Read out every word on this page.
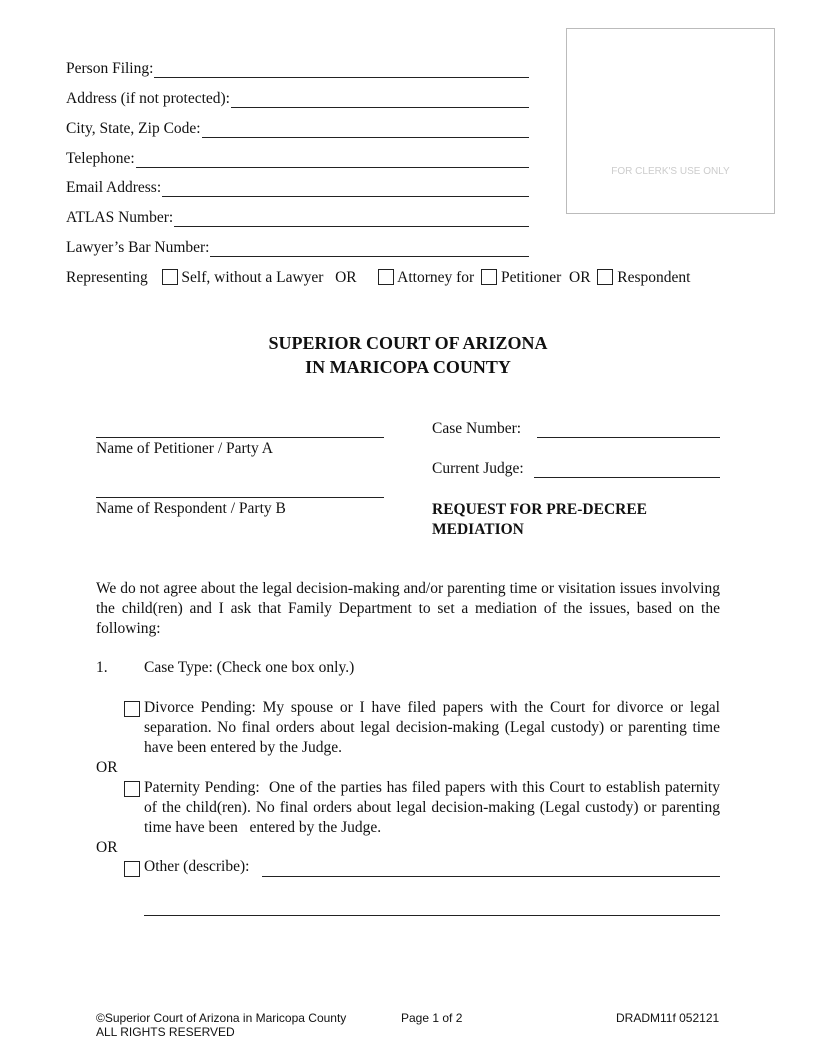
Person Filing:
Address (if not protected):
City, State, Zip Code:
Telephone:
Email Address:
ATLAS Number:
Lawyer’s Bar Number:
Representing Self, without a Lawyer OR	Attorney for Petitioner OR Respondent
FOR CLERK'S USE ONLY
SUPERIOR COURT OF ARIZONA
IN MARICOPA COUNTY
Name of Petitioner / Party A
Name of Respondent / Party B
Case Number:
Current Judge:
REQUEST FOR PRE-DECREE
MEDIATION
We do not agree about the legal decision-making and/or parenting time or visitation issues involving the child(ren) and I ask that Family Department to set a mediation of the issues, based on the following:
1. Case Type: (Check one box only.)
Divorce Pending: My spouse or I have filed papers with the Court for divorce or legal separation. No final orders about legal decision-making (Legal custody) or parenting time have been entered by the Judge.
OR
Paternity Pending:  One of the parties has filed papers with this Court to establish paternity of the child(ren). No final orders about legal decision-making (Legal custody) or parenting time have been   entered by the Judge.
OR
Other (describe):
©Superior Court of Arizona in Maricopa County
ALL RIGHTS RESERVED
Page 1 of 2	DRADM11f 052121
